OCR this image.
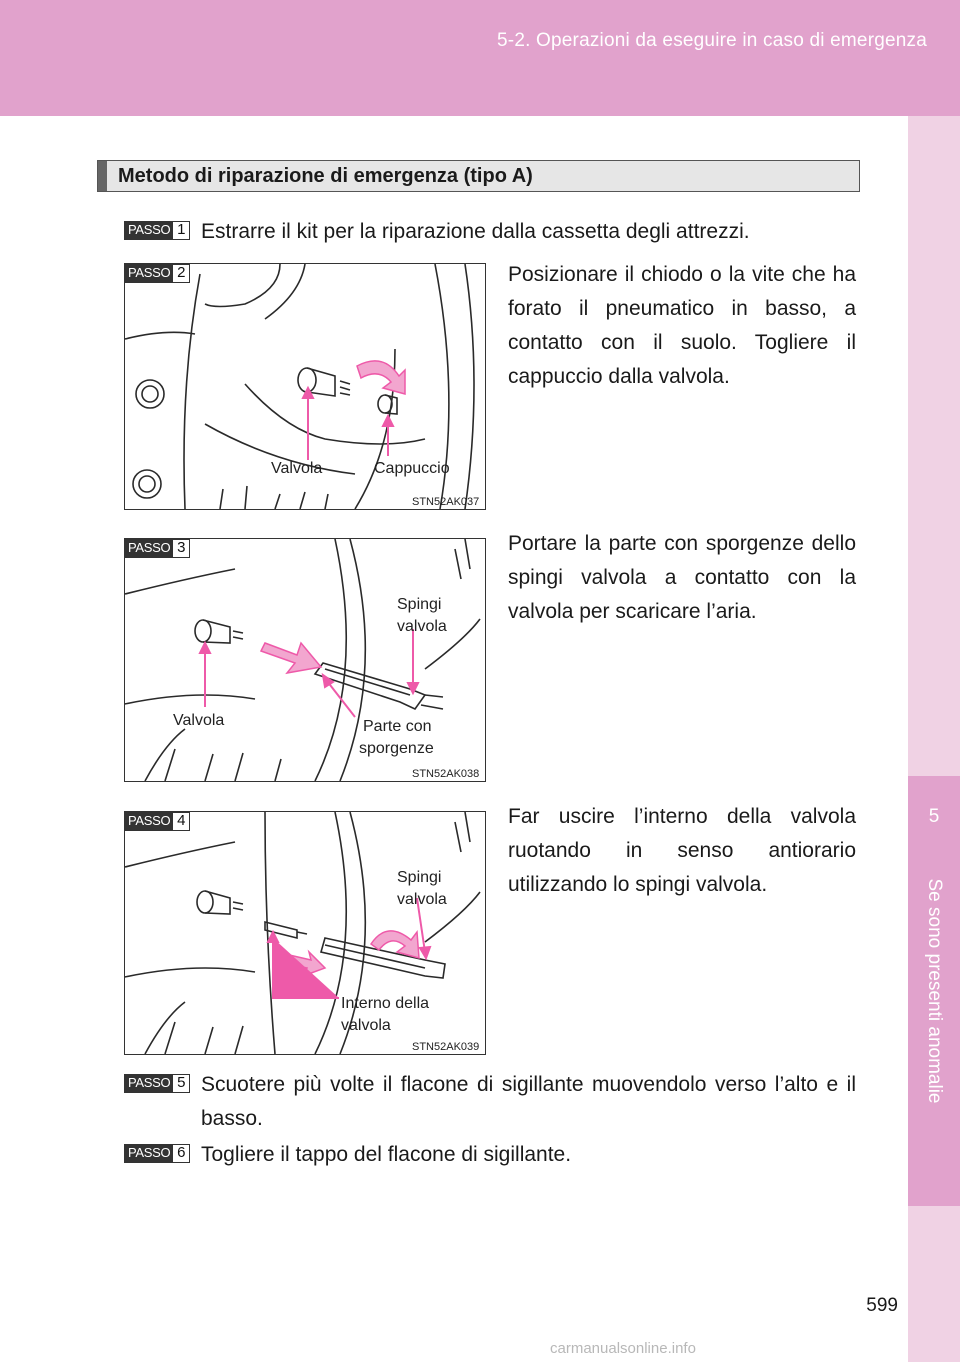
5-2. Operazioni da eseguire in caso di emergenza
5
Se sono presenti anomalie
Metodo di riparazione di emergenza (tipo A)
PASSO 1 Estrarre il kit per la riparazione dalla cassetta degli attrezzi.
PASSO 2
Valvola	Cappuccio
STN52AK037
Posizionare il chiodo o la vite che ha forato il pneumatico in basso, a contatto con il suolo. Togliere il cappuccio dalla valvola.
PASSO 3
Valvola
Spingi
valvola
Parte con
sporgenze
STN52AK038
Portare la parte con sporgenze dello spingi valvola a contatto con la valvola per scaricare l’aria.
PASSO 4
Spingi
valvola
Interno della
valvola
STN52AK039
Far uscire l’interno della valvola ruotando in senso antiorario utilizzando lo spingi valvola.
PASSO 5 Scuotere più volte il flacone di sigillante muovendolo verso l’alto e il basso.
PASSO 6 Togliere il tappo del flacone di sigillante.
599
carmanualsonline.info
